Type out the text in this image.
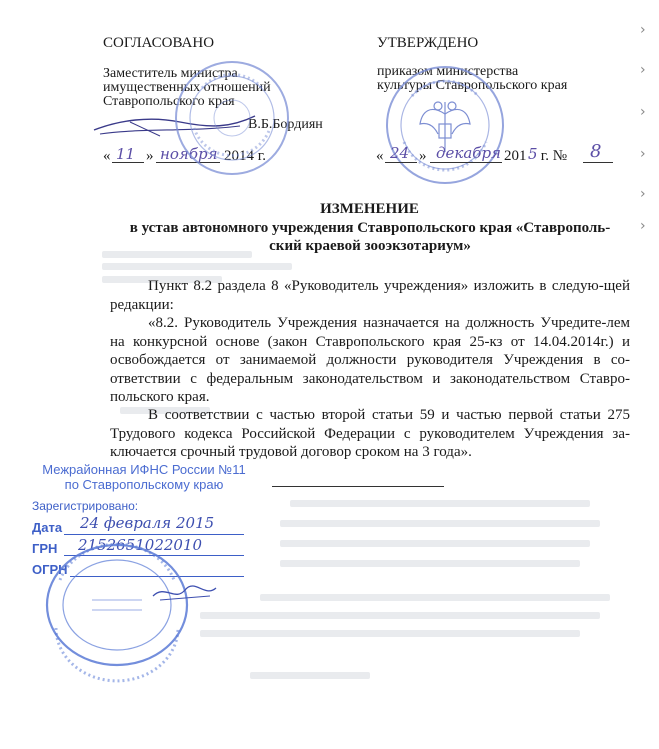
›
›
›
›
›
›
СОГЛАСОВАНО
Заместитель министра
имущественных отношений
Ставропольского края
В.Б.Бордиян
« 11 » ноября 2014 г.
УТВЕРЖДЕНО
приказом министерства
культуры Ставропольского края
« 24 » декабря 201 5 г. № 8
ИЗМЕНЕНИЕ
в устав автономного учреждения Ставропольского края «Ставрополь-
ский краевой зооэкзотариум»
Пункт 8.2 раздела 8 «Руководитель учреждения» изложить в следую-щей редакции:
«8.2. Руководитель Учреждения назначается на должность Учредите-лем на конкурсной основе (закон Ставропольского края 25-кз от 14.04.2014г.) и освобождается от занимаемой должности руководителя Учреждения в со-ответствии с федеральным законодательством и законодательством Ставро-польского края.
В соответствии с частью второй статьи 59 и частью первой статьи 275 Трудового кодекса Российской Федерации с руководителем Учреждения за-ключается срочный трудовой договор сроком на 3 года».
Межрайонная ИФНС России №11
по Ставропольскому краю
Зарегистрировано:
Дата 24 февраля 2015
ГРН 2152651022010
ОГРН
